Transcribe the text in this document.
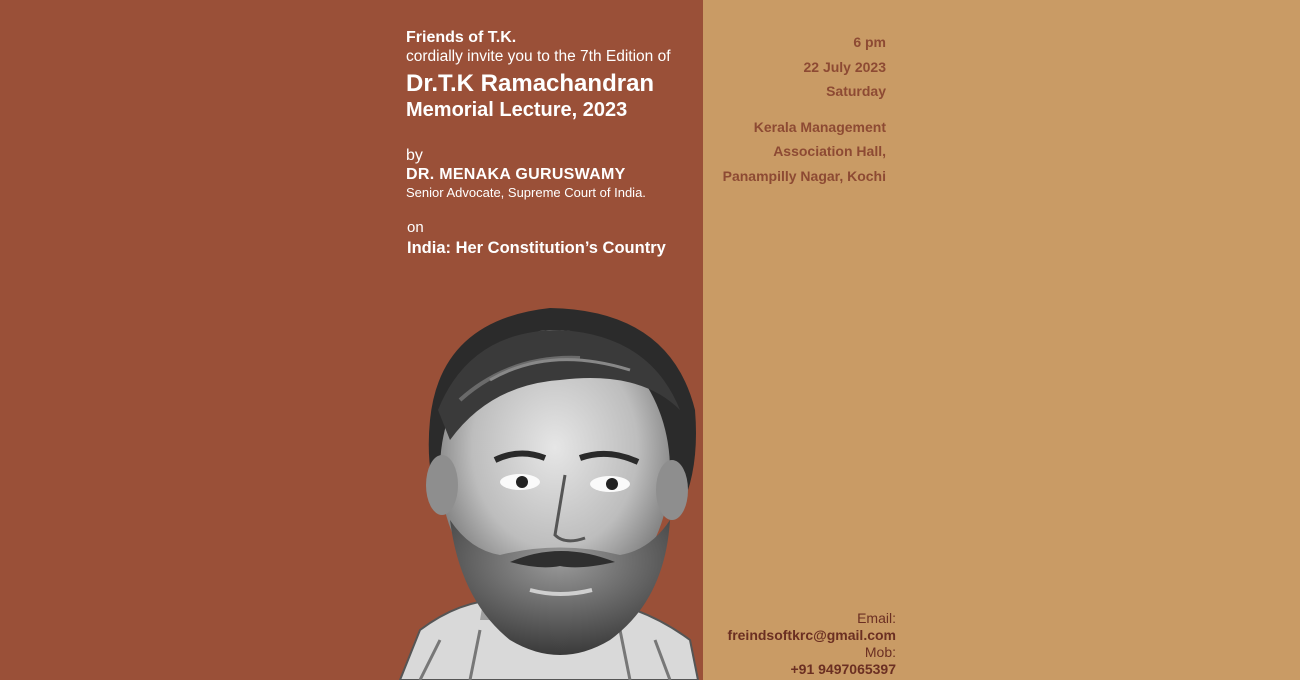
Friends of T.K.
cordially invite you to the 7th Edition of
Dr.T.K Ramachandran
Memorial Lecture, 2023
by
DR. MENAKA GURUSWAMY
Senior Advocate, Supreme Court of India.
on
India: Her Constitution’s Country
6 pm
22 July 2023
Saturday
Kerala Management
Association Hall,
Panampilly Nagar, Kochi
Email:
freindsoftkrc@gmail.com
Mob:
+91 9497065397
